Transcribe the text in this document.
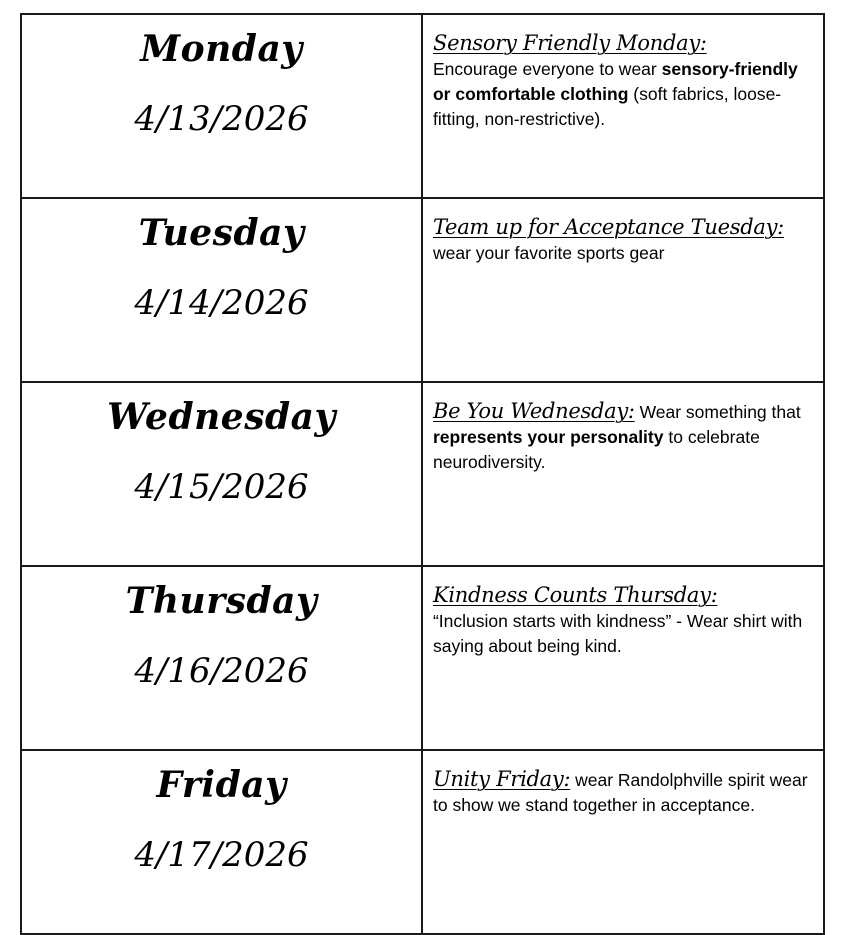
Monday
4/13/2026	Sensory Friendly Monday:
Encourage everyone to wear sensory-friendly or comfortable clothing (soft fabrics, loose-fitting, non-restrictive).

Tuesday
4/14/2026	Team up for Acceptance Tuesday:
wear your favorite sports gear

Wednesday
4/15/2026	Be You Wednesday: Wear something that represents your personality to celebrate neurodiversity.

Thursday
4/16/2026	Kindness Counts Thursday:
“Inclusion starts with kindness” - Wear shirt with saying about being kind.

Friday
4/17/2026	Unity Friday: wear Randolphville spirit wear to show we stand together in acceptance.
